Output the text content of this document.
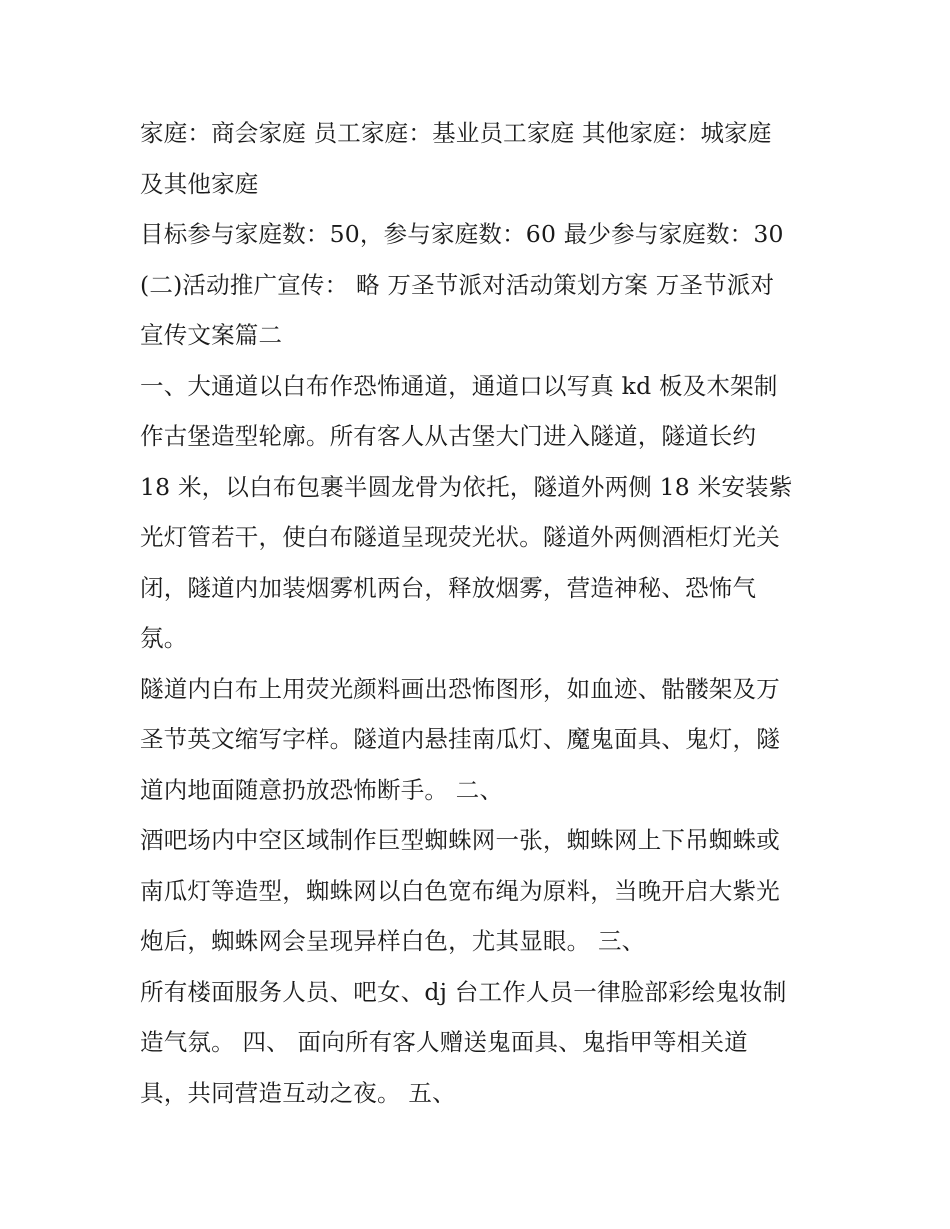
家庭：商会家庭 员工家庭：基业员工家庭 其他家庭：城家庭
及其他家庭
目标参与家庭数：50，参与家庭数：60 最少参与家庭数：30
(二)活动推广宣传： 略 万圣节派对活动策划方案 万圣节派对
宣传文案篇二
一、大通道以白布作恐怖通道，通道口以写真 kd 板及木架制
作古堡造型轮廓。所有客人从古堡大门进入隧道，隧道长约
18 米，以白布包裹半圆龙骨为依托，隧道外两侧 18 米安装紫
光灯管若干，使白布隧道呈现荧光状。隧道外两侧酒柜灯光关
闭，隧道内加装烟雾机两台，释放烟雾，营造神秘、恐怖气
氛。
隧道内白布上用荧光颜料画出恐怖图形，如血迹、骷髅架及万
圣节英文缩写字样。隧道内悬挂南瓜灯、魔鬼面具、鬼灯，隧
道内地面随意扔放恐怖断手。 二、
酒吧场内中空区域制作巨型蜘蛛网一张，蜘蛛网上下吊蜘蛛或
南瓜灯等造型，蜘蛛网以白色宽布绳为原料，当晚开启大紫光
炮后，蜘蛛网会呈现异样白色，尤其显眼。 三、
所有楼面服务人员、吧女、dj 台工作人员一律脸部彩绘鬼妆制
造气氛。 四、 面向所有客人赠送鬼面具、鬼指甲等相关道
具，共同营造互动之夜。 五、
